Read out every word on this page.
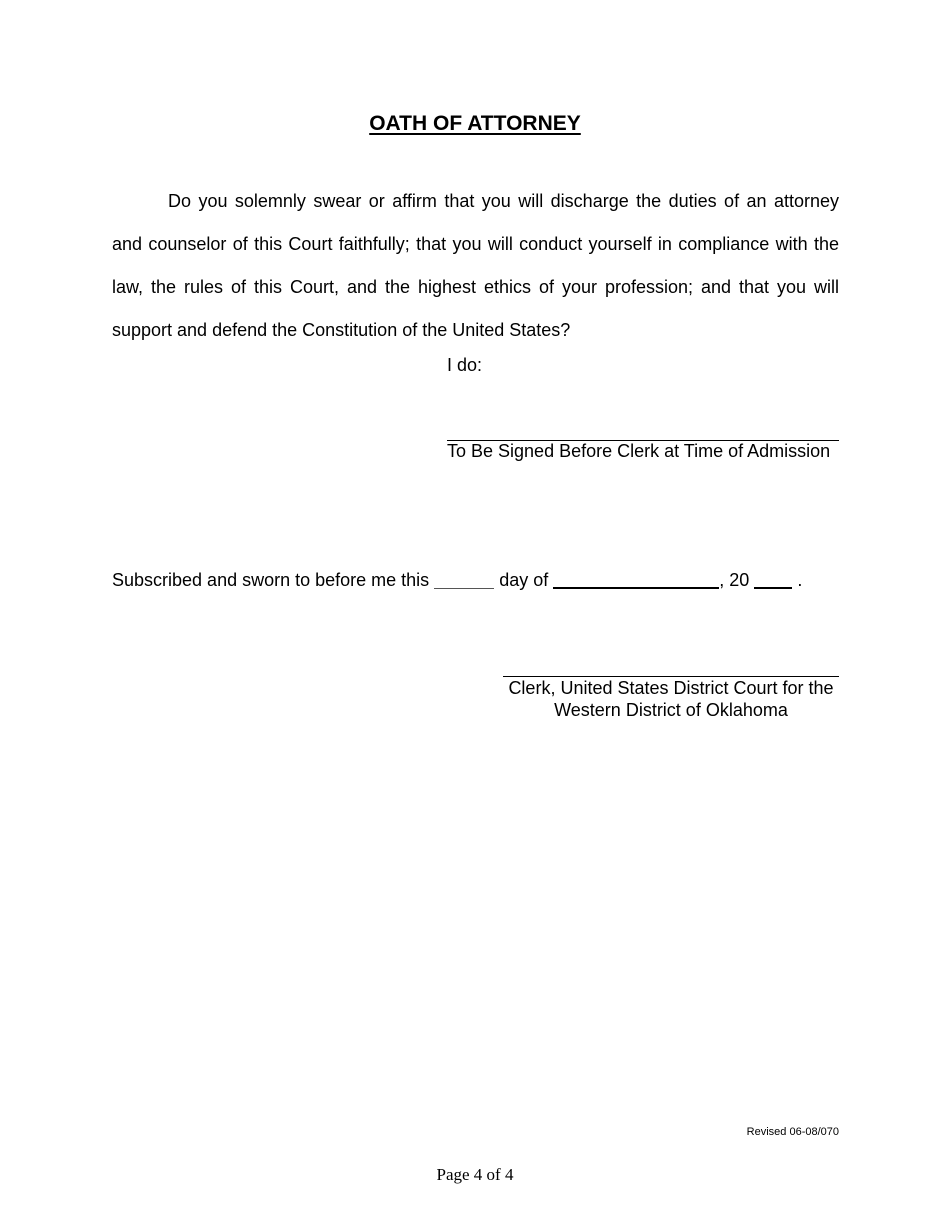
OATH OF ATTORNEY

Do you solemnly swear or affirm that you will discharge the duties of an attorney and counselor of this Court faithfully; that you will conduct yourself in compliance with the law, the rules of this Court, and the highest ethics of your profession; and that you will support and defend the Constitution of the United States?

I do:
To Be Signed Before Clerk at Time of Admission
Subscribed and sworn to before me this	day of	, 20	.
Clerk, United States District Court for the
Western District of Oklahoma
Revised 06-08/070
Page 4 of 4
